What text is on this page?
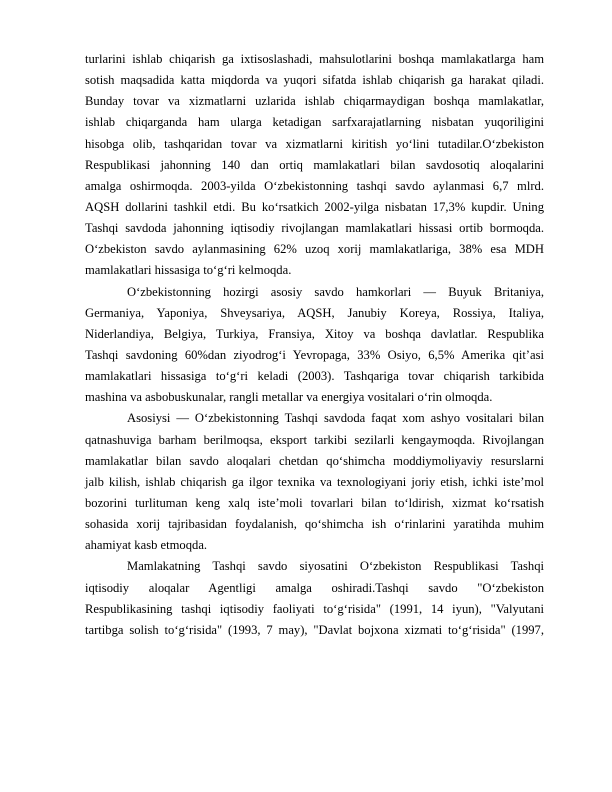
turlarini ishlab chiqarish ga ixtisoslashadi, mahsulotlarini boshqa mamlakatlarga ham
sotish maqsadida katta miqdorda va yuqori sifatda ishlab chiqarish ga harakat qiladi.
Bunday tovar va xizmatlarni uzlarida ishlab chiqarmaydigan boshqa mamlakatlar,
ishlab chiqarganda ham ularga ketadigan sarfxarajatlarning nisbatan yuqoriligini
hisobga olib, tashqaridan tovar va xizmatlarni kiritish yoʻlini tutadilar.Oʻzbekiston
Respublikasi jahonning 140 dan ortiq mamlakatlari bilan savdosotiq aloqalarini
amalga oshirmoqda. 2003-yilda Oʻzbekistonning tashqi savdo aylanmasi 6,7 mlrd.
AQSH dollarini tashkil etdi. Bu koʻrsatkich 2002-yilga nisbatan 17,3% kupdir. Uning
Tashqi savdoda jahonning iqtisodiy rivojlangan mamlakatlari hissasi ortib bormoqda.
Oʻzbekiston savdo aylanmasining 62% uzoq xorij mamlakatlariga, 38% esa MDH
mamlakatlari hissasiga toʻgʻri kelmoqda.

Oʻzbekistonning hozirgi asosiy savdo hamkorlari — Buyuk Britaniya,
Germaniya, Yaponiya, Shveysariya, AQSH, Janubiy Koreya, Rossiya, Italiya,
Niderlandiya, Belgiya, Turkiya, Fransiya, Xitoy va boshqa davlatlar. Respublika
Tashqi savdoning 60%dan ziyodrogʻi Yevropaga, 33% Osiyo, 6,5% Amerika qitʼasi
mamlakatlari hissasiga toʻgʻri keladi (2003). Tashqariga tovar chiqarish tarkibida
mashina va asbobuskunalar, rangli metallar va energiya vositalari oʻrin olmoqda.

Asosiysi — Oʻzbekistonning Tashqi savdoda faqat xom ashyo vositalari bilan
qatnashuviga barham berilmoqsa, eksport tarkibi sezilarli kengaymoqda. Rivojlangan
mamlakatlar bilan savdo aloqalari chetdan qoʻshimcha moddiymoliyaviy resurslarni
jalb kilish, ishlab chiqarish ga ilgor texnika va texnologiyani joriy etish, ichki isteʼmol
bozorini turlituman keng xalq isteʼmoli tovarlari bilan toʻldirish, xizmat koʻrsatish
sohasida xorij tajribasidan foydalanish, qoʻshimcha ish oʻrinlarini yaratihda muhim
ahamiyat kasb etmoqda.

Mamlakatning Tashqi savdo siyosatini Oʻzbekiston Respublikasi Tashqi
iqtisodiy aloqalar Agentligi amalga oshiradi.Tashqi savdo "Oʻzbekiston
Respublikasining tashqi iqtisodiy faoliyati toʻgʻrisida" (1991, 14 iyun), "Valyutani
tartibga solish toʻgʻrisida" (1993, 7 may), "Davlat bojxona xizmati toʻgʻrisida" (1997,
